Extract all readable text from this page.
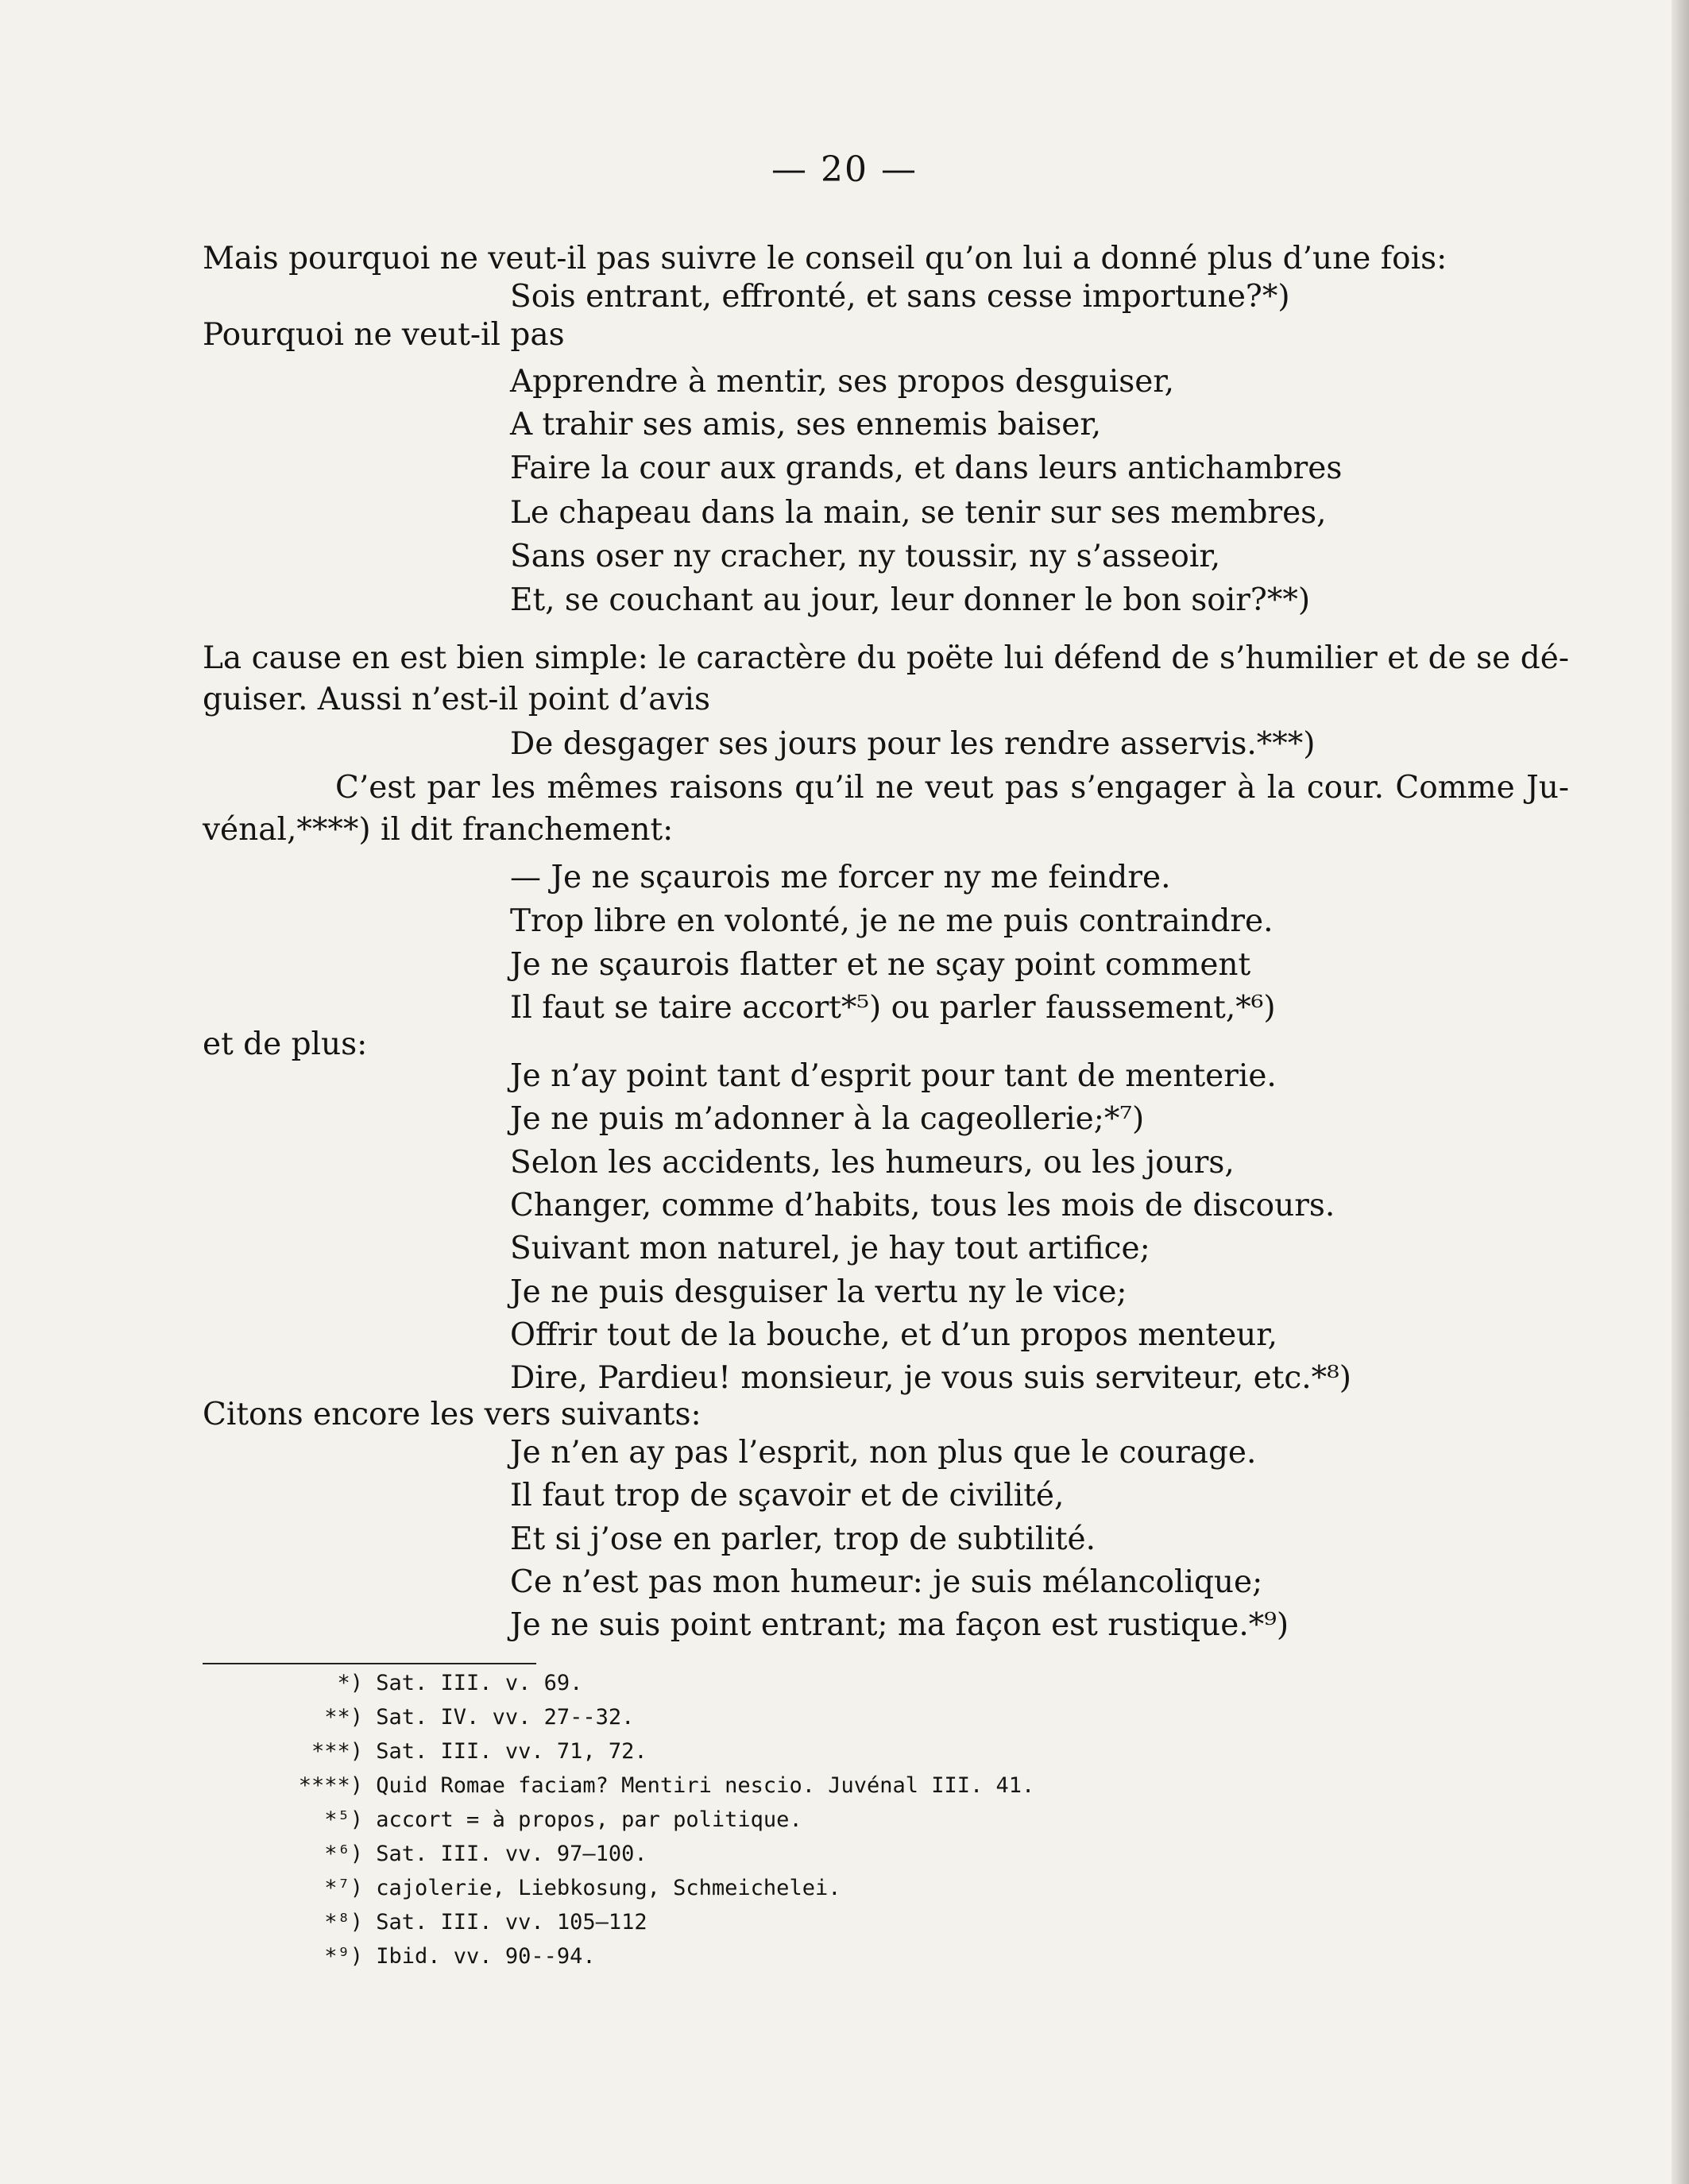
— 20 —
Mais pourquoi ne veut-il pas suivre le conseil qu’on lui a donné plus d’une fois:
Sois entrant, effronté, et sans cesse importune?*)
Pourquoi ne veut-il pas
Apprendre à mentir, ses propos desguiser,
A trahir ses amis, ses ennemis baiser,
Faire la cour aux grands, et dans leurs antichambres
Le chapeau dans la main, se tenir sur ses membres,
Sans oser ny cracher, ny toussir, ny s’asseoir,
Et, se couchant au jour, leur donner le bon soir?**)
La cause en est bien simple: le caractère du poëte lui défend de s’humilier et de se dé-
guiser. Aussi n’est-il point d’avis
De desgager ses jours pour les rendre asservis.***)
C’est par les mêmes raisons qu’il ne veut pas s’engager à la cour. Comme Ju-
vénal,****) il dit franchement:
— Je ne sçaurois me forcer ny me feindre.
Trop libre en volonté, je ne me puis contraindre.
Je ne sçaurois flatter et ne sçay point comment
Il faut se taire accort*⁵) ou parler faussement,*⁶)
et de plus:
Je n’ay point tant d’esprit pour tant de menterie.
Je ne puis m’adonner à la cageollerie;*⁷)
Selon les accidents, les humeurs, ou les jours,
Changer, comme d’habits, tous les mois de discours.
Suivant mon naturel, je hay tout artifice;
Je ne puis desguiser la vertu ny le vice;
Offrir tout de la bouche, et d’un propos menteur,
Dire, Pardieu! monsieur, je vous suis serviteur, etc.*⁸)
Citons encore les vers suivants:
Je n’en ay pas l’esprit, non plus que le courage.
Il faut trop de sçavoir et de civilité,
Et si j’ose en parler, trop de subtilité.
Ce n’est pas mon humeur: je suis mélancolique;
Je ne suis point entrant; ma façon est rustique.*⁹)
*) Sat. III. v. 69.
**) Sat. IV. vv. 27--32.
***) Sat. III. vv. 71, 72.
****) Quid Romae faciam? Mentiri nescio. Juvénal III. 41.
*⁵) accort = à propos, par politique.
*⁶) Sat. III. vv. 97—100.
*⁷) cajolerie, Liebkosung, Schmeichelei.
*⁸) Sat. III. vv. 105—112
*⁹) Ibid. vv. 90--94.
